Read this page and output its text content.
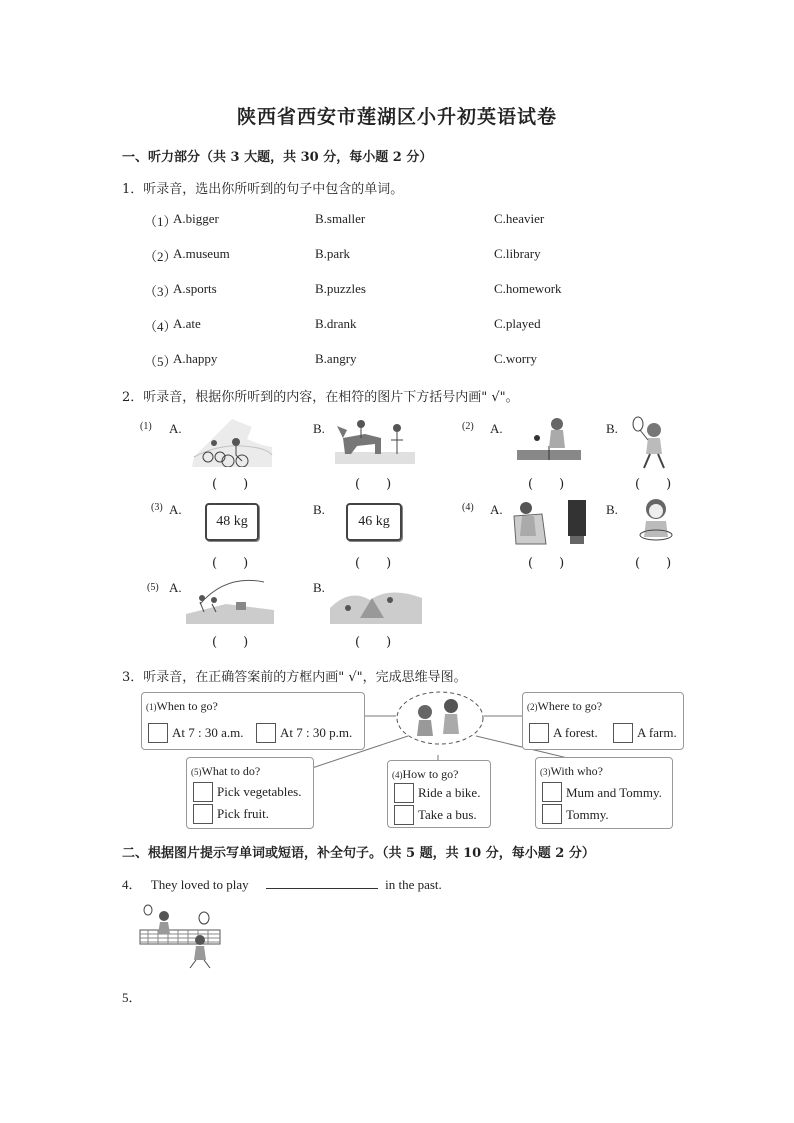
陕西省西安市莲湖区小升初英语试卷
一、听力部分（共 3 大题，共 30 分，每小题 2 分）
1．听录音，选出你所听到的句子中包含的单词。
（1）
A.bigger	B.smaller	C.heavier
（2）
A.museum	B.park	C.library
（3）
A.sports	B.puzzles	C.homework
（4）
A.ate	B.drank	C.played
（5）
A.happy	B.angry	C.worry
2．听录音，根据你所听到的内容，在相符的图片下方括号内画" √"。
(1) A.
(　　)
B.
(　　)
(2) A.
(　　)
B.
(　　)
(3) A.
48 kg
(　　)
B.
46 kg
(　　)
(4) A.
(　　)
B.
(　　)
(5) A.
(　　)
B.
(　　)
3．听录音，在正确答案前的方框内画" √"，完成思维导图。
(1)When to go?
At 7 : 30 a.m.	At 7 : 30 p.m.
(2)Where to go?
A forest.	A farm.
(5)What to do?
Pick vegetables.
Pick fruit.
(4)How to go?
Ride a bike.
Take a bus.
(3)With who?
Mum and Tommy.
Tommy.
二、根据图片提示写单词或短语，补全句子。（共 5 题，共 10 分，每小题 2 分）
4． They loved to play	in the past.
5．
